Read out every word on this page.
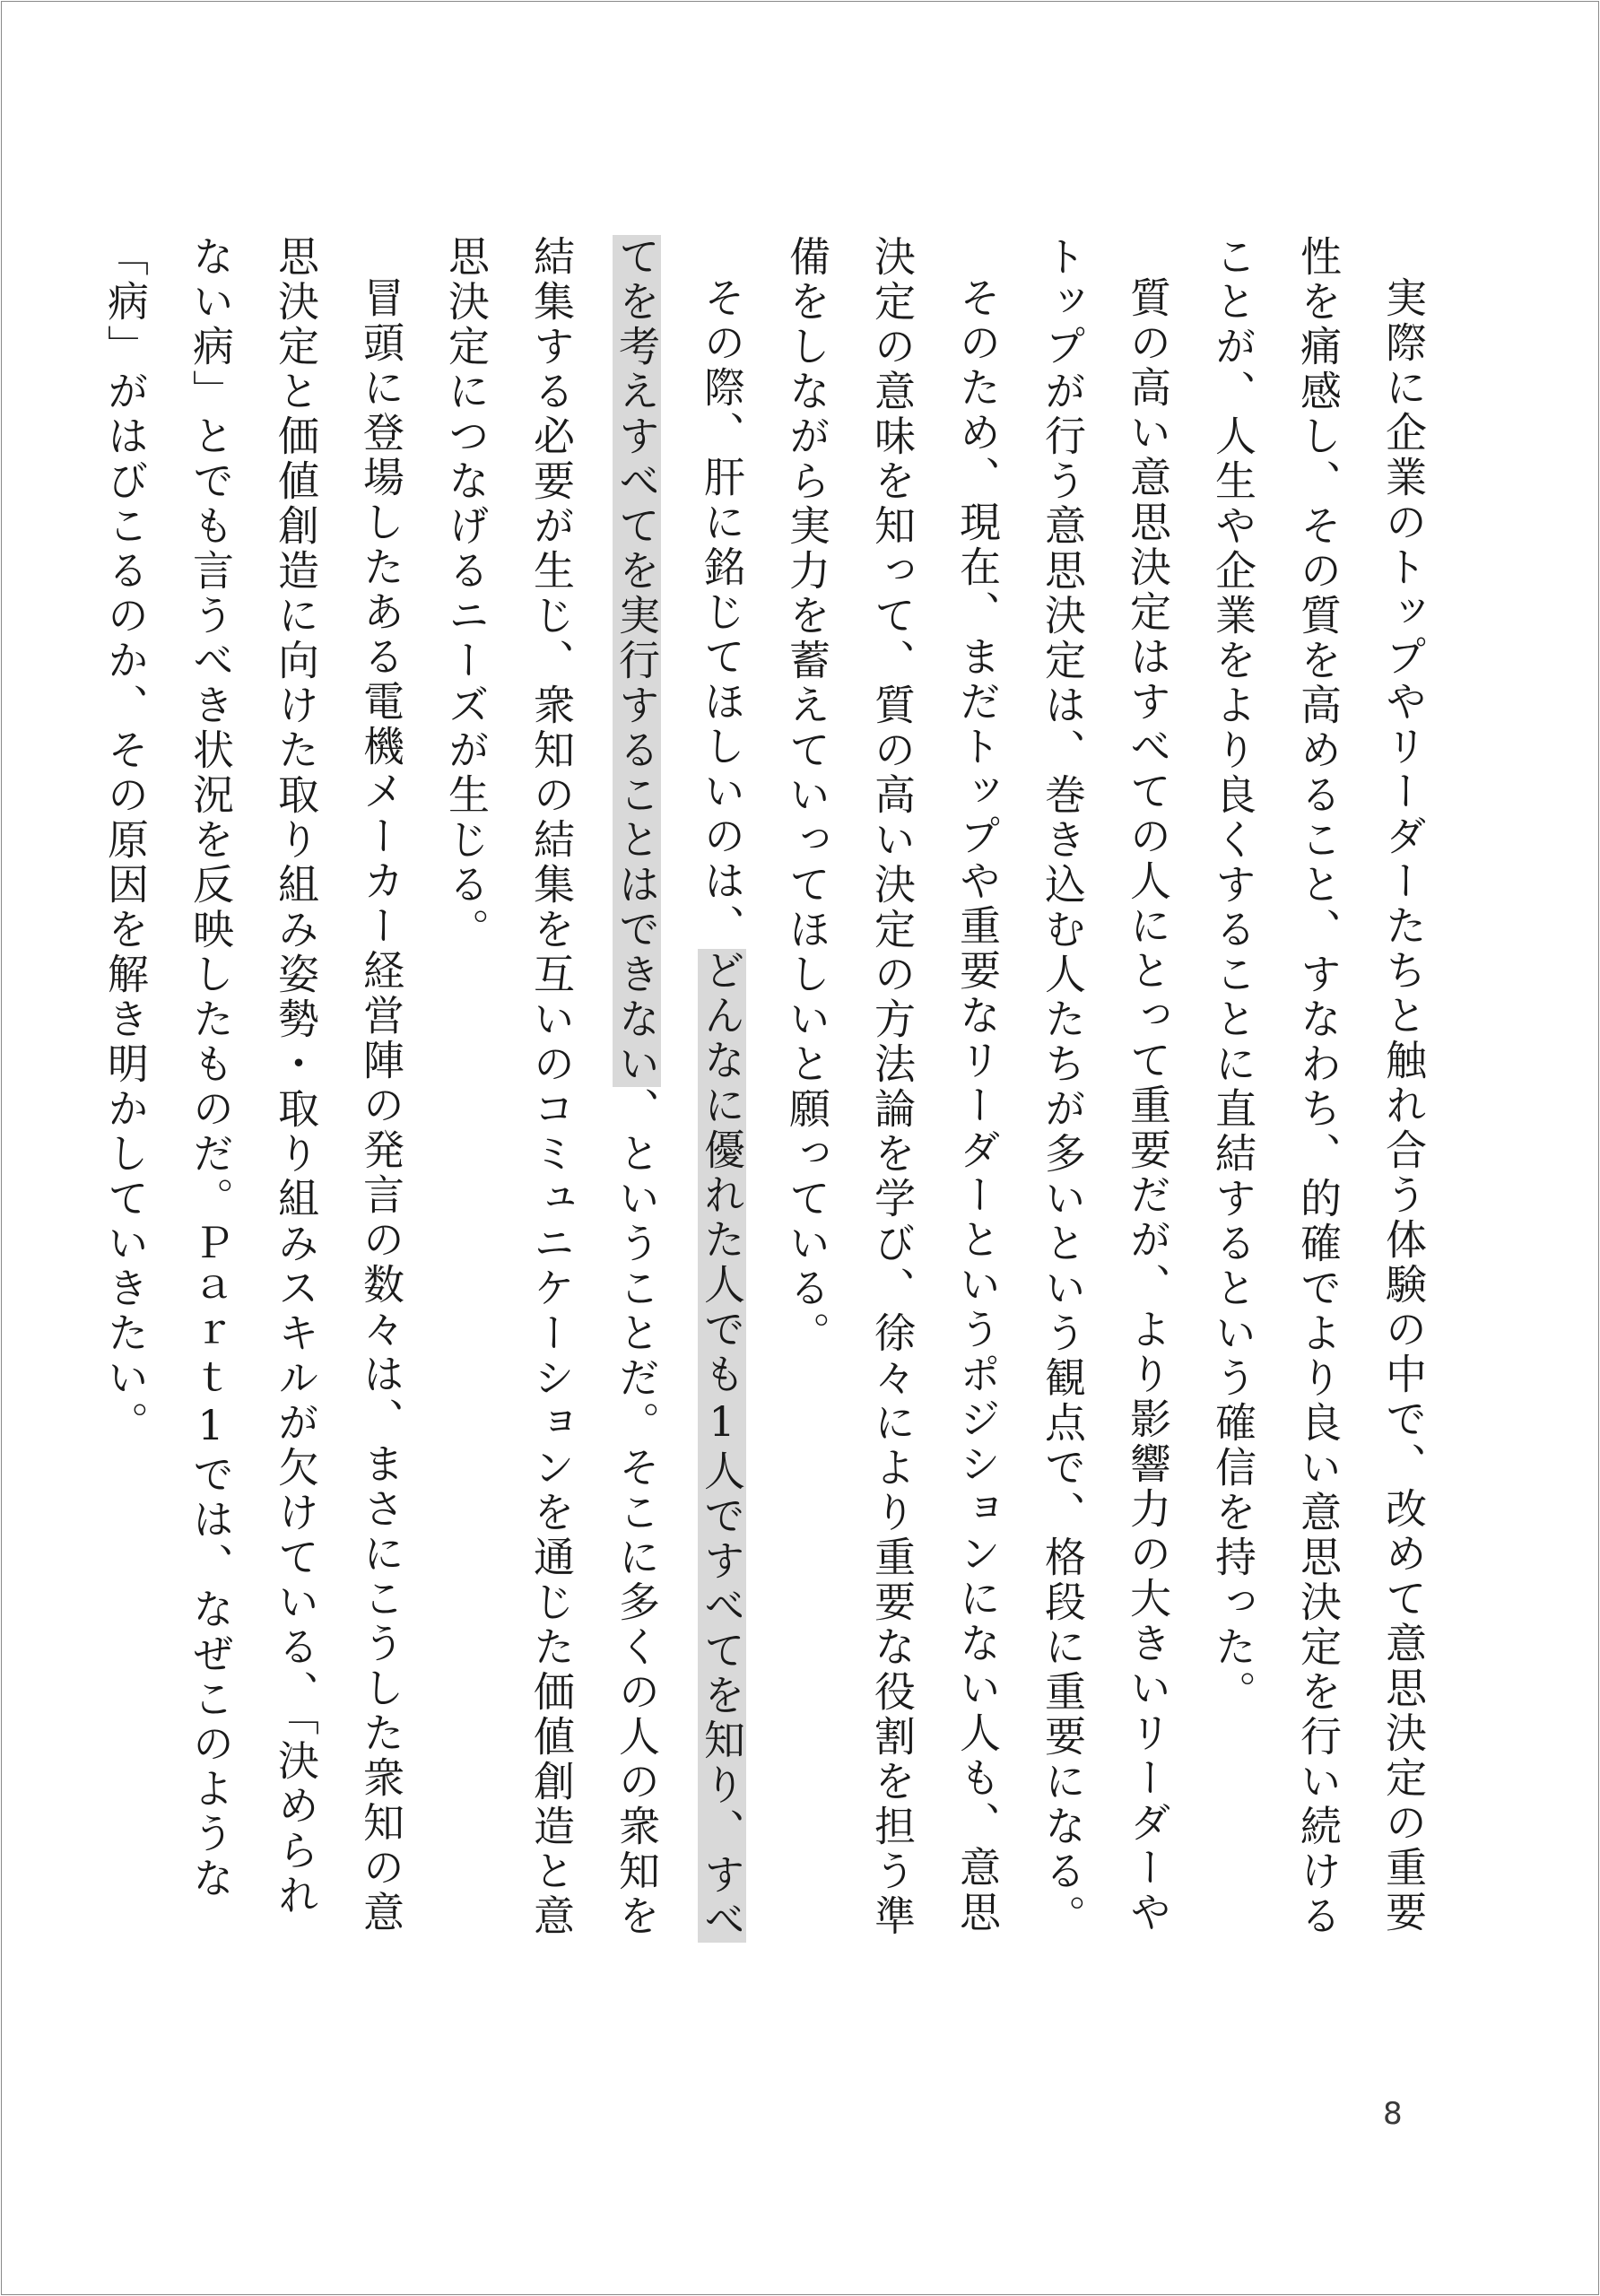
実際に企業のトップやリーダーたちと触れ合う体験の中で、改めて意思決定の重要性を痛感し、その質を高めること、すなわち、的確でより良い意思決定を行い続けることが、人生や企業をより良くすることに直結するという確信を持った。

質の高い意思決定はすべての人にとって重要だが、より影響力の大きいリーダーやトップが行う意思決定は、巻き込む人たちが多いという観点で、格段に重要になる。

そのため、現在、まだトップや重要なリーダーというポジションにない人も、意思決定の意味を知って、質の高い決定の方法論を学び、徐々により重要な役割を担う準備をしながら実力を蓄えていってほしいと願っている。

その際、肝に銘じてほしいのは、どんなに優れた人でも1人ですべてを知り、すべてを考えすべてを実行することはできない、ということだ。そこに多くの人の衆知を結集する必要が生じ、衆知の結集を互いのコミュニケーションを通じた価値創造と意思決定につなげるニーズが生じる。

冒頭に登場したある電機メーカー経営陣の発言の数々は、まさにこうした衆知の意思決定と価値創造に向けた取り組み姿勢・取り組みスキルが欠けている、「決められない病」とでも言うべき状況を反映したものだ。Ｐａｒｔ1では、なぜこのような「病」がはびこるのか、その原因を解き明かしていきたい。

8
